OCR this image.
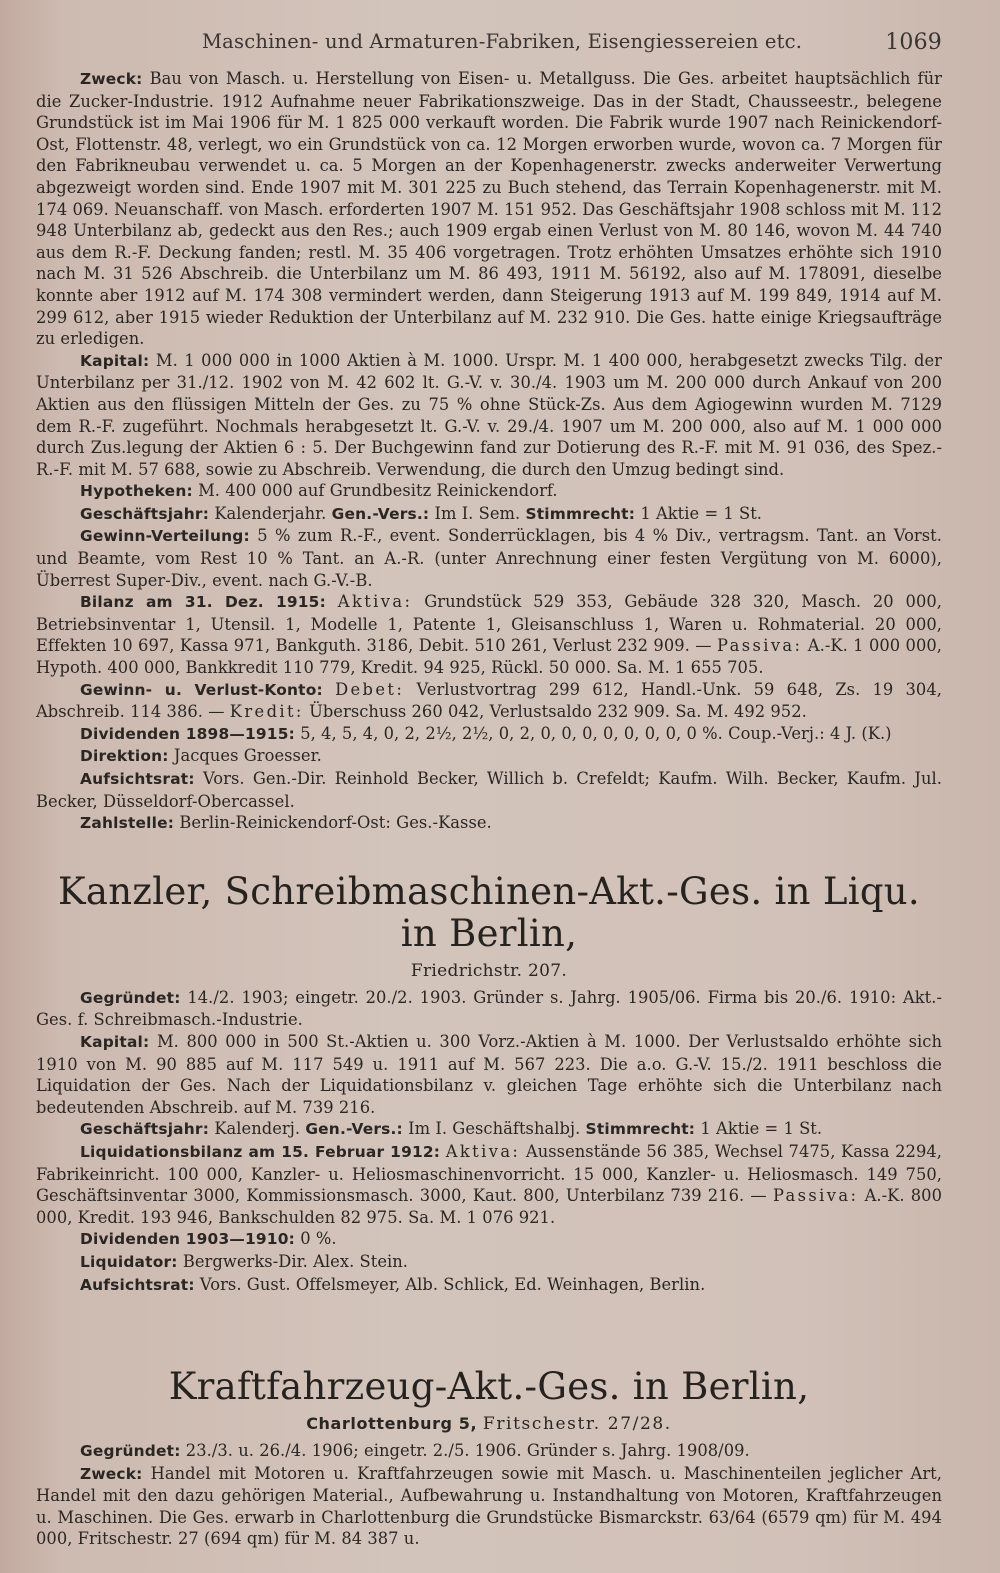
Maschinen- und Armaturen-Fabriken, Eisengiessereien etc.	1069

Zweck: Bau von Masch. u. Herstellung von Eisen- u. Metallguss. Die Ges. arbeitet hauptsächlich für die Zucker-Industrie. 1912 Aufnahme neuer Fabrikationszweige. Das in der Stadt, Chausseestr., belegene Grundstück ist im Mai 1906 für M. 1 825 000 verkauft worden. Die Fabrik wurde 1907 nach Reinickendorf-Ost, Flottenstr. 48, verlegt, wo ein Grundstück von ca. 12 Morgen erworben wurde, wovon ca. 7 Morgen für den Fabrikneubau verwendet u. ca. 5 Morgen an der Kopenhagenerstr. zwecks anderweiter Verwertung abgezweigt worden sind. Ende 1907 mit M. 301 225 zu Buch stehend, das Terrain Kopenhagenerstr. mit M. 174 069. Neuanschaff. von Masch. erforderten 1907 M. 151 952. Das Geschäftsjahr 1908 schloss mit M. 112 948 Unterbilanz ab, gedeckt aus den Res.; auch 1909 ergab einen Verlust von M. 80 146, wovon M. 44 740 aus dem R.-F. Deckung fanden; restl. M. 35 406 vorgetragen. Trotz erhöhten Umsatzes erhöhte sich 1910 nach M. 31 526 Abschreib. die Unterbilanz um M. 86 493, 1911 M. 56192, also auf M. 178091, dieselbe konnte aber 1912 auf M. 174 308 vermindert werden, dann Steigerung 1913 auf M. 199 849, 1914 auf M. 299 612, aber 1915 wieder Reduktion der Unterbilanz auf M. 232 910. Die Ges. hatte einige Kriegsaufträge zu erledigen.

Kapital: M. 1 000 000 in 1000 Aktien à M. 1000. Urspr. M. 1 400 000, herabgesetzt zwecks Tilg. der Unterbilanz per 31./12. 1902 von M. 42 602 lt. G.-V. v. 30./4. 1903 um M. 200 000 durch Ankauf von 200 Aktien aus den flüssigen Mitteln der Ges. zu 75 % ohne Stück-Zs. Aus dem Agiogewinn wurden M. 7129 dem R.-F. zugeführt. Nochmals herabgesetzt lt. G.-V. v. 29./4. 1907 um M. 200 000, also auf M. 1 000 000 durch Zus.legung der Aktien 6 : 5. Der Buchgewinn fand zur Dotierung des R.-F. mit M. 91 036, des Spez.-R.-F. mit M. 57 688, sowie zu Abschreib. Verwendung, die durch den Umzug bedingt sind.

Hypotheken: M. 400 000 auf Grundbesitz Reinickendorf.

Geschäftsjahr: Kalenderjahr. Gen.-Vers.: Im I. Sem. Stimmrecht: 1 Aktie = 1 St.

Gewinn-Verteilung: 5 % zum R.-F., event. Sonderrücklagen, bis 4 % Div., vertragsm. Tant. an Vorst. und Beamte, vom Rest 10 % Tant. an A.-R. (unter Anrechnung einer festen Vergütung von M. 6000), Überrest Super-Div., event. nach G.-V.-B.

Bilanz am 31. Dez. 1915: Aktiva: Grundstück 529 353, Gebäude 328 320, Masch. 20 000, Betriebsinventar 1, Utensil. 1, Modelle 1, Patente 1, Gleisanschluss 1, Waren u. Rohmaterial. 20 000, Effekten 10 697, Kassa 971, Bankguth. 3186, Debit. 510 261, Verlust 232 909. — Passiva: A.-K. 1 000 000, Hypoth. 400 000, Bankkredit 110 779, Kredit. 94 925, Rückl. 50 000. Sa. M. 1 655 705.

Gewinn- u. Verlust-Konto: Debet: Verlustvortrag 299 612, Handl.-Unk. 59 648, Zs. 19 304, Abschreib. 114 386. — Kredit: Überschuss 260 042, Verlustsaldo 232 909. Sa. M. 492 952.

Dividenden 1898—1915: 5, 4, 5, 4, 0, 2, 2½, 2½, 0, 2, 0, 0, 0, 0, 0, 0, 0, 0 %. Coup.-Verj.: 4 J. (K.)

Direktion: Jacques Groesser.

Aufsichtsrat: Vors. Gen.-Dir. Reinhold Becker, Willich b. Crefeldt; Kaufm. Wilh. Becker, Kaufm. Jul. Becker, Düsseldorf-Obercassel.

Zahlstelle: Berlin-Reinickendorf-Ost: Ges.-Kasse.

Kanzler, Schreibmaschinen-Akt.-Ges. in Liqu. in Berlin,
Friedrichstr. 207.

Gegründet: 14./2. 1903; eingetr. 20./2. 1903. Gründer s. Jahrg. 1905/06. Firma bis 20./6. 1910: Akt.-Ges. f. Schreibmasch.-Industrie.

Kapital: M. 800 000 in 500 St.-Aktien u. 300 Vorz.-Aktien à M. 1000. Der Verlustsaldo erhöhte sich 1910 von M. 90 885 auf M. 117 549 u. 1911 auf M. 567 223. Die a.o. G.-V. 15./2. 1911 beschloss die Liquidation der Ges. Nach der Liquidationsbilanz v. gleichen Tage erhöhte sich die Unterbilanz nach bedeutenden Abschreib. auf M. 739 216.

Geschäftsjahr: Kalenderj. Gen.-Vers.: Im I. Geschäftshalbj. Stimmrecht: 1 Aktie = 1 St.

Liquidationsbilanz am 15. Februar 1912: Aktiva: Aussenstände 56 385, Wechsel 7475, Kassa 2294, Fabrikeinricht. 100 000, Kanzler- u. Heliosmaschinenvorricht. 15 000, Kanzler- u. Heliosmasch. 149 750, Geschäftsinventar 3000, Kommissionsmasch. 3000, Kaut. 800, Unterbilanz 739 216. — Passiva: A.-K. 800 000, Kredit. 193 946, Bankschulden 82 975. Sa. M. 1 076 921.

Dividenden 1903—1910: 0 %.

Liquidator: Bergwerks-Dir. Alex. Stein.

Aufsichtsrat: Vors. Gust. Offelsmeyer, Alb. Schlick, Ed. Weinhagen, Berlin.

Kraftfahrzeug-Akt.-Ges. in Berlin,
Charlottenburg 5, Fritschestr. 27/28.

Gegründet: 23./3. u. 26./4. 1906; eingetr. 2./5. 1906. Gründer s. Jahrg. 1908/09.

Zweck: Handel mit Motoren u. Kraftfahrzeugen sowie mit Masch. u. Maschinenteilen jeglicher Art, Handel mit den dazu gehörigen Material., Aufbewahrung u. Instandhaltung von Motoren, Kraftfahrzeugen u. Maschinen. Die Ges. erwarb in Charlottenburg die Grundstücke Bismarckstr. 63/64 (6579 qm) für M. 494 000, Fritschestr. 27 (694 qm) für M. 84 387 u.
